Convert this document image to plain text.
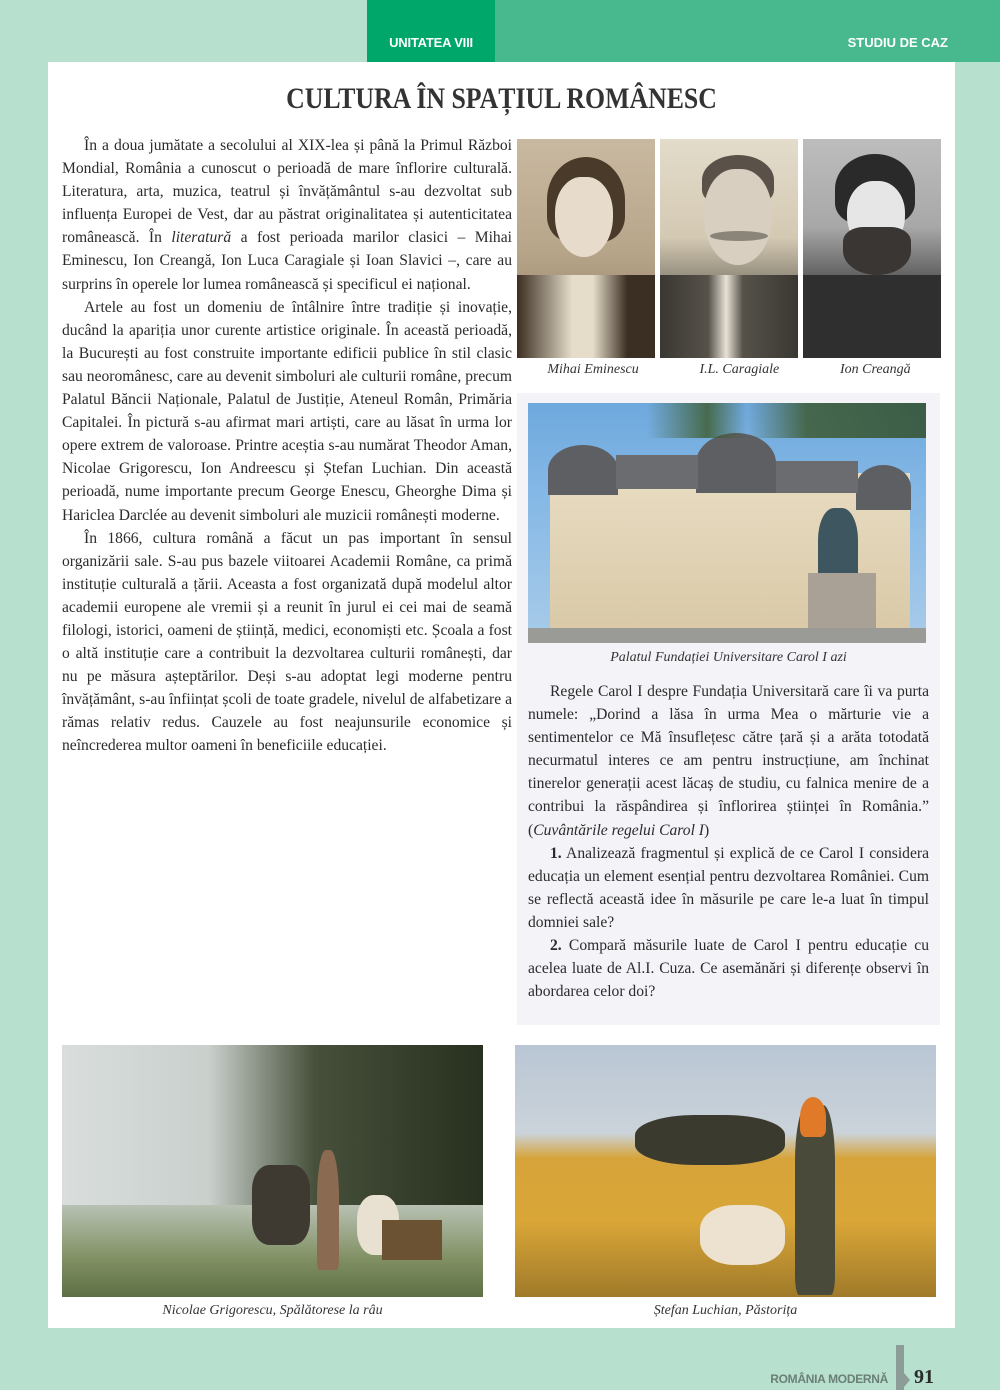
UNITATEA VIII	STUDIU DE CAZ
CULTURA ÎN SPAȚIUL ROMÂNESC

În a doua jumătate a secolului al XIX-lea și până la Primul Război Mondial, România a cunoscut o perioadă de mare înflorire culturală. Literatura, arta, muzica, teatrul și învățământul s-au dezvoltat sub influența Europei de Vest, dar au păstrat originalitatea și autenticitatea românească. În literatură a fost perioada marilor clasici – Mihai Eminescu, Ion Creangă, Ion Luca Caragiale și Ioan Slavici –, care au surprins în operele lor lumea românească și specificul ei național.

Artele au fost un domeniu de întâlnire între tradiție și inovație, ducând la apariția unor curente artistice originale. În această perioadă, la București au fost construite importante edificii publice în stil clasic sau neoromânesc, care au devenit simboluri ale culturii române, precum Palatul Băncii Naționale, Palatul de Justiție, Ateneul Român, Primăria Capitalei. În pictură s-au afirmat mari artiști, care au lăsat în urma lor opere extrem de valoroase. Printre aceștia s-au numărat Theodor Aman, Nicolae Grigorescu, Ion Andreescu și Ștefan Luchian. Din această perioadă, nume importante precum George Enescu, Gheorghe Dima și Hariclea Darclée au devenit simboluri ale muzicii românești moderne.

În 1866, cultura română a făcut un pas important în sensul organizării sale. S-au pus bazele viitoarei Academii Române, ca primă instituție culturală a țării. Aceasta a fost organizată după modelul altor academii europene ale vremii și a reunit în jurul ei cei mai de seamă filologi, istorici, oameni de știință, medici, economiști etc. Școala a fost o altă instituție care a contribuit la dezvoltarea culturii românești, dar nu pe măsura așteptărilor. Deși s-au adoptat legi moderne pentru învățământ, s-au înființat școli de toate gradele, nivelul de alfabetizare a rămas relativ redus. Cauzele au fost neajunsurile economice și neîncrederea multor oameni în beneficiile educației.

Mihai Eminescu	I.L. Caragiale	Ion Creangă
Palatul Fundației Universitare Carol I azi

Regele Carol I despre Fundația Universitară care îi va purta numele: „Dorind a lăsa în urma Mea o mărturie vie a sentimentelor ce Mă însuflețesc către țară și a arăta totodată necurmatul interes ce am pentru instrucțiune, am închinat tinerelor generații acest lăcaș de studiu, cu falnica menire de a contribui la răspândirea și înflorirea științei în România.” (Cuvântările regelui Carol I)

1. Analizează fragmentul și explică de ce Carol I considera educația un element esențial pentru dezvoltarea României. Cum se reflectă această idee în măsurile pe care le-a luat în timpul domniei sale?

2. Compară măsurile luate de Carol I pentru educație cu acelea luate de Al.I. Cuza. Ce asemănări și diferențe observi în abordarea celor doi?

Nicolae Grigorescu, Spălătorese la râu	Ștefan Luchian, Păstorița
ROMÂNIA MODERNĂ 91
